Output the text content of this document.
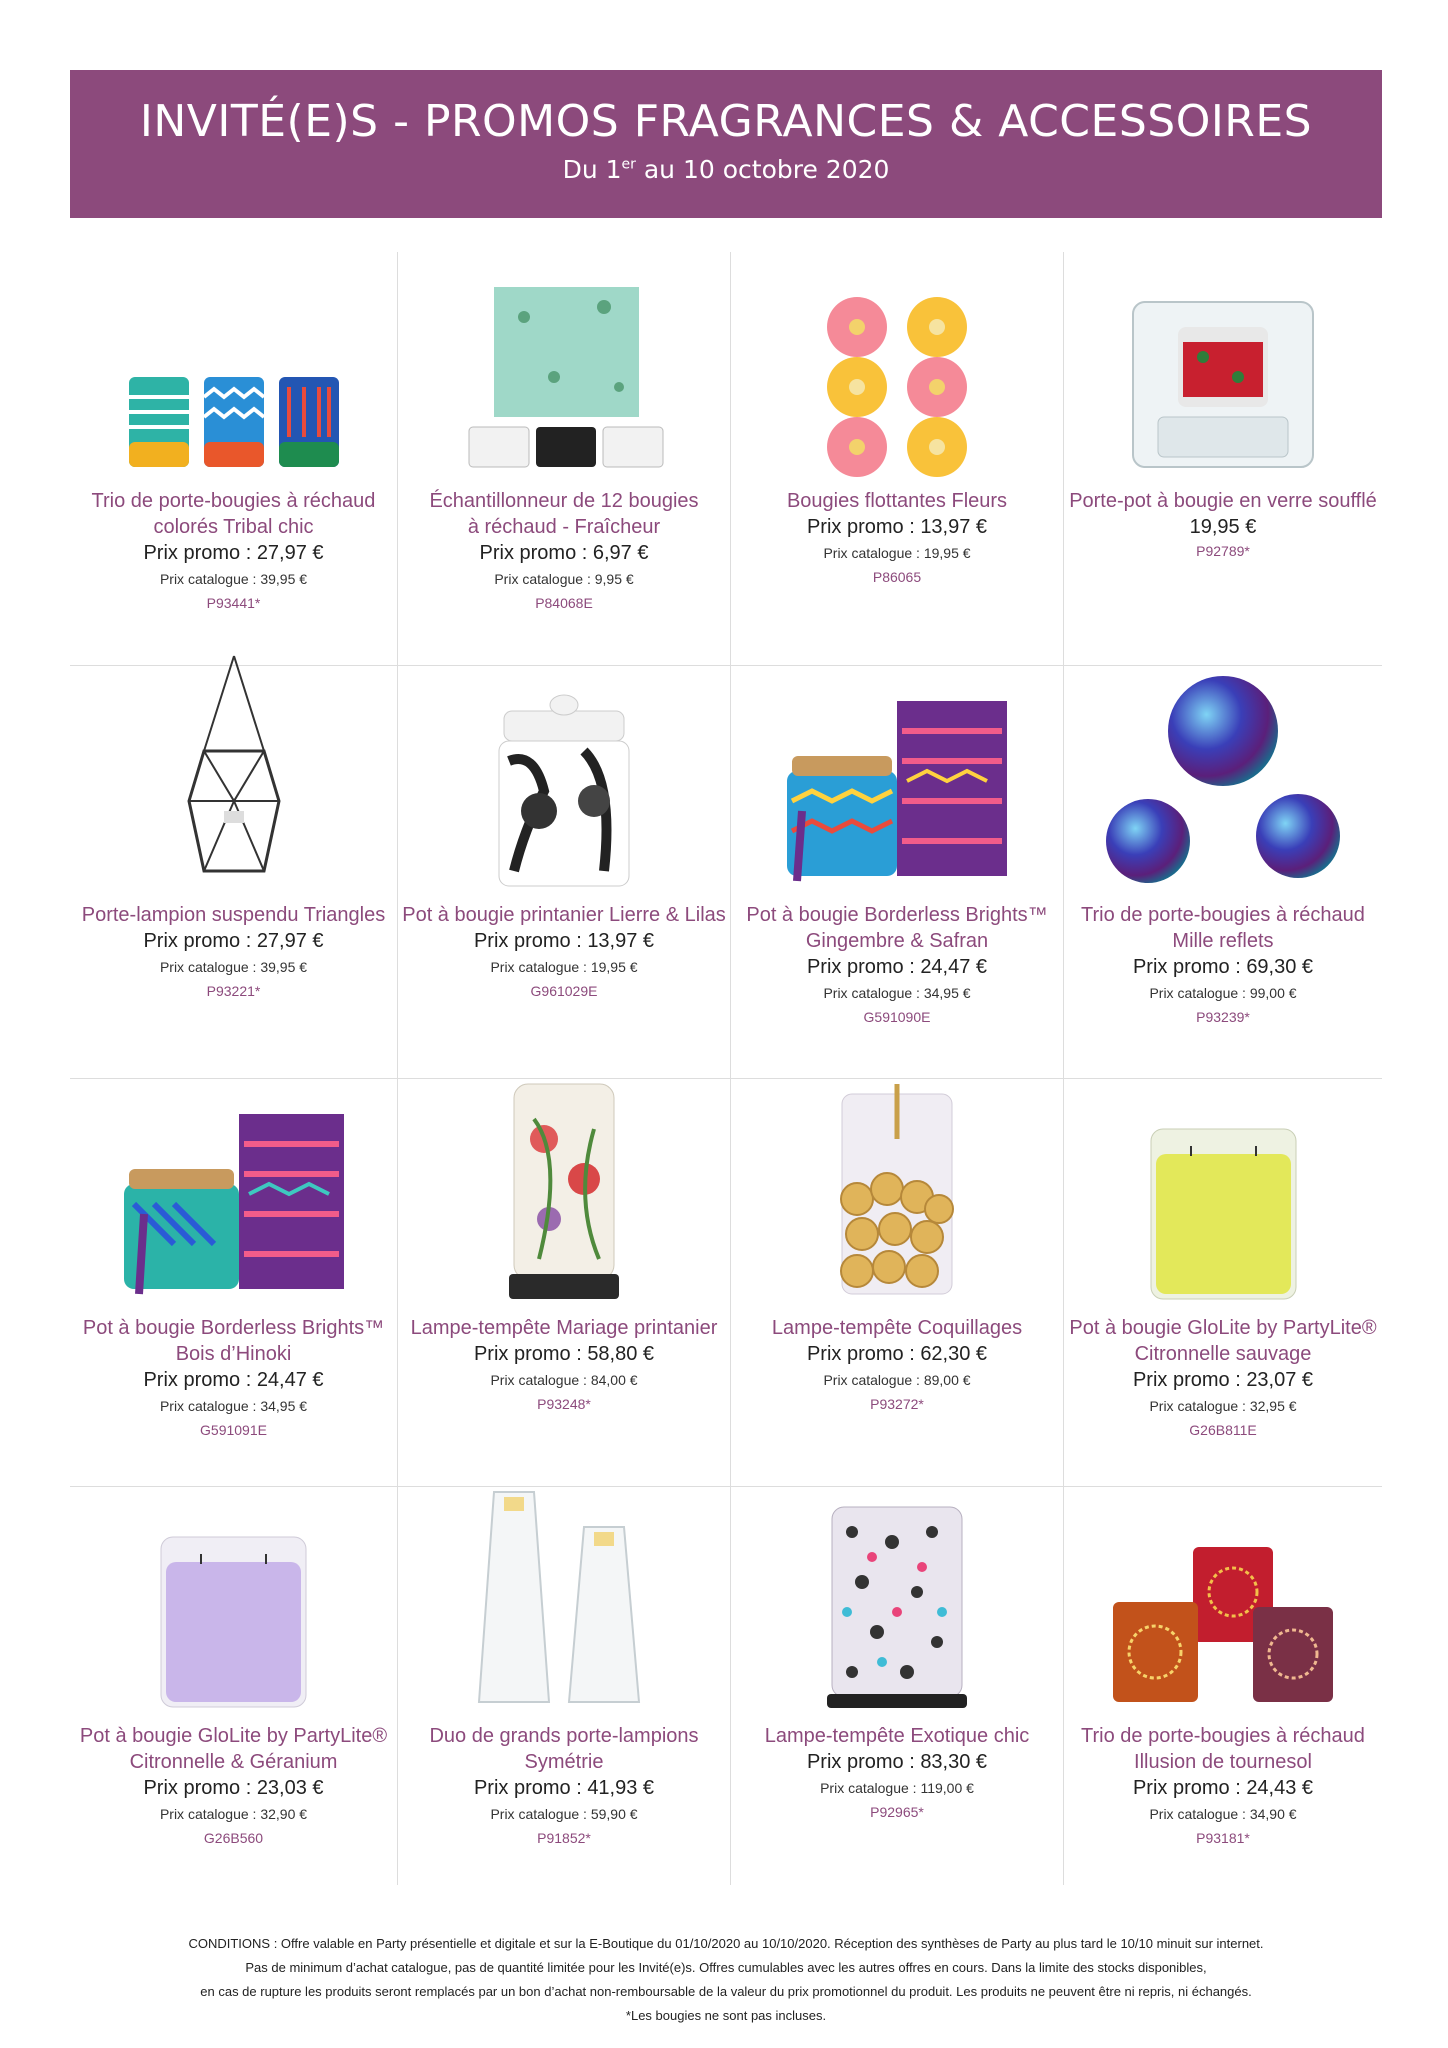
INVITÉ(E)S - PROMOS FRAGRANCES & ACCESSOIRES
Du 1er au 10 octobre 2020
Trio de porte-bougies à réchaud
colorés Tribal chic
Prix promo : 27,97 €
Prix catalogue : 39,95 €
P93441*
Échantillonneur de 12 bougies
à réchaud - Fraîcheur
Prix promo : 6,97 €
Prix catalogue : 9,95 €
P84068E
Bougies flottantes Fleurs
Prix promo : 13,97 €
Prix catalogue : 19,95 €
P86065
Porte-pot à bougie en verre soufflé
19,95 €
P92789*
Porte-lampion suspendu Triangles
Prix promo : 27,97 €
Prix catalogue : 39,95 €
P93221*
Pot à bougie printanier Lierre & Lilas
Prix promo : 13,97 €
Prix catalogue : 19,95 €
G961029E
Pot à bougie Borderless Brights™
Gingembre & Safran
Prix promo : 24,47 €
Prix catalogue : 34,95 €
G591090E
Trio de porte-bougies à réchaud
Mille reflets
Prix promo : 69,30 €
Prix catalogue : 99,00 €
P93239*
Pot à bougie Borderless Brights™
Bois d’Hinoki
Prix promo : 24,47 €
Prix catalogue : 34,95 €
G591091E
Lampe-tempête Mariage printanier
Prix promo : 58,80 €
Prix catalogue : 84,00 €
P93248*
Lampe-tempête Coquillages
Prix promo : 62,30 €
Prix catalogue : 89,00 €
P93272*
Pot à bougie GloLite by PartyLite®
Citronnelle sauvage
Prix promo : 23,07 €
Prix catalogue : 32,95 €
G26B811E
Pot à bougie GloLite by PartyLite®
Citronnelle & Géranium
Prix promo : 23,03 €
Prix catalogue : 32,90 €
G26B560
Duo de grands porte-lampions
Symétrie
Prix promo : 41,93 €
Prix catalogue : 59,90 €
P91852*
Lampe-tempête Exotique chic
Prix promo : 83,30 €
Prix catalogue : 119,00 €
P92965*
Trio de porte-bougies à réchaud
Illusion de tournesol
Prix promo : 24,43 €
Prix catalogue : 34,90 €
P93181*
CONDITIONS : Offre valable en Party présentielle et digitale et sur la E-Boutique du 01/10/2020 au 10/10/2020. Réception des synthèses de Party au plus tard le 10/10 minuit sur internet.
Pas de minimum d’achat catalogue, pas de quantité limitée pour les Invité(e)s. Offres cumulables avec les autres offres en cours. Dans la limite des stocks disponibles,
en cas de rupture les produits seront remplacés par un bon d’achat non-remboursable de la valeur du prix promotionnel du produit. Les produits ne peuvent être ni repris, ni échangés.
*Les bougies ne sont pas incluses.
